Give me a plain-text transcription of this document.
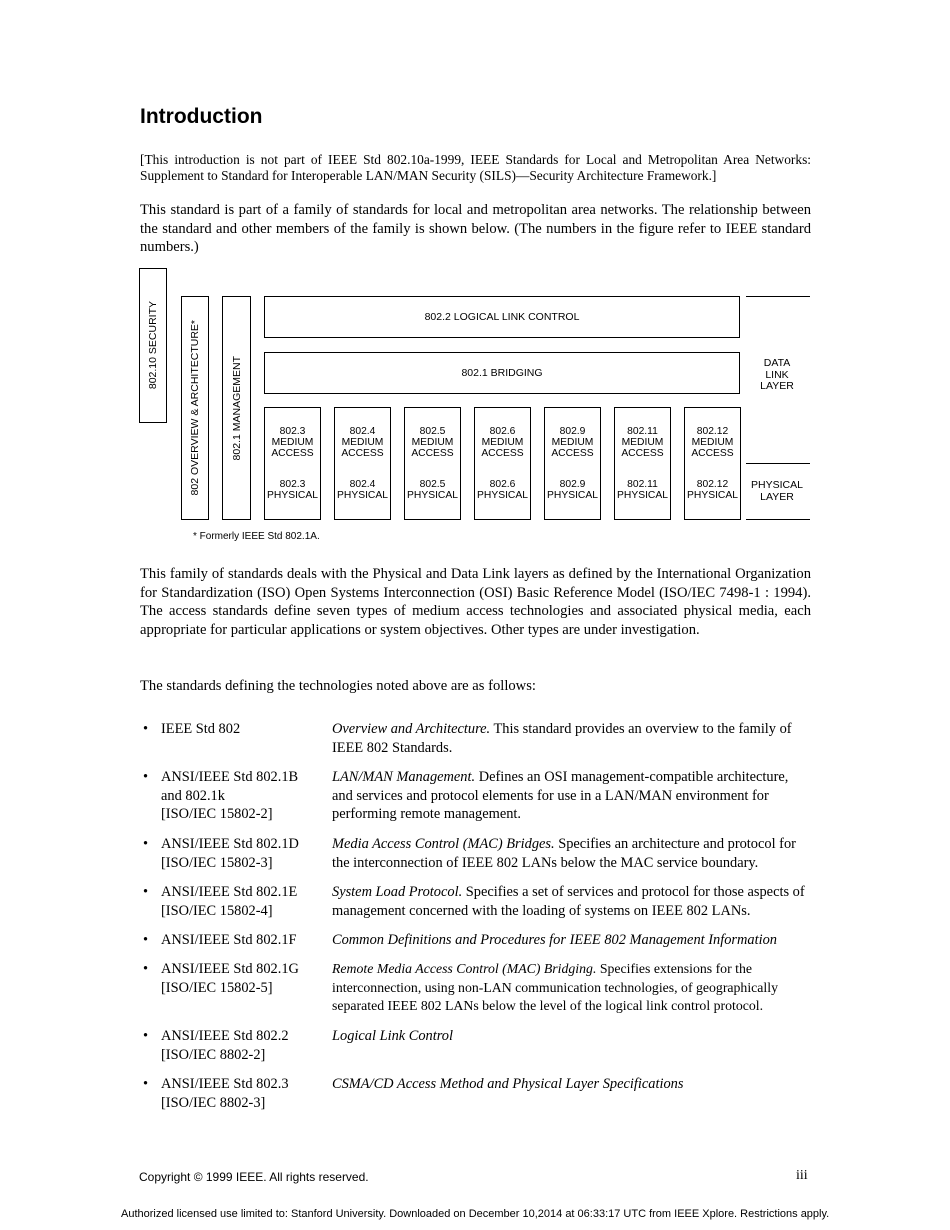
Introduction
[This introduction is not part of IEEE Std 802.10a-1999, IEEE Standards for Local and Metropolitan Area Networks: Supplement to Standard for Interoperable LAN/MAN Security (SILS)—Security Architecture Framework.]
This standard is part of a family of standards for local and metropolitan area networks. The relationship between the standard and other members of the family is shown below. (The numbers in the figure refer to IEEE standard numbers.)
802.10 SECURITY	802 OVERVIEW & ARCHITECTURE*	802.1 MANAGEMENT
802.2 LOGICAL LINK CONTROL
802.1 BRIDGING
802.3
MEDIUM
ACCESS
802.3
PHYSICAL
802.4
MEDIUM
ACCESS
802.4
PHYSICAL
802.5
MEDIUM
ACCESS
802.5
PHYSICAL
802.6
MEDIUM
ACCESS
802.6
PHYSICAL
802.9
MEDIUM
ACCESS
802.9
PHYSICAL
802.11
MEDIUM
ACCESS
802.11
PHYSICAL
802.12
MEDIUM
ACCESS
802.12
PHYSICAL
DATA
LINK
LAYER
PHYSICAL
LAYER
* Formerly IEEE Std 802.1A.
This family of standards deals with the Physical and Data Link layers as defined by the International Organization for Standardization (ISO) Open Systems Interconnection (OSI) Basic Reference Model (ISO/IEC 7498-1 : 1994). The access standards define seven types of medium access technologies and associated physical media, each appropriate for particular applications or system objectives. Other types are under investigation.
The standards defining the technologies noted above are as follows:
• IEEE Std 802	Overview and Architecture. This standard provides an overview to the family of IEEE 802 Standards.
• ANSI/IEEE Std 802.1B
and 802.1k
[ISO/IEC 15802-2]
LAN/MAN Management. Defines an OSI management-compatible architecture, and services and protocol elements for use in a LAN/MAN environment for performing remote management.
• ANSI/IEEE Std 802.1D
[ISO/IEC 15802-3]
Media Access Control (MAC) Bridges. Specifies an architecture and protocol for the interconnection of IEEE 802 LANs below the MAC service boundary.
• ANSI/IEEE Std 802.1E
[ISO/IEC 15802-4]
System Load Protocol. Specifies a set of services and protocol for those aspects of management concerned with the loading of systems on IEEE 802 LANs.
• ANSI/IEEE Std 802.1F	Common Definitions and Procedures for IEEE 802 Management Information
• ANSI/IEEE Std 802.1G
[ISO/IEC 15802-5]
Remote Media Access Control (MAC) Bridging. Specifies extensions for the interconnection, using non-LAN communication technologies, of geographically separated IEEE 802 LANs below the level of the logical link control protocol.
• ANSI/IEEE Std 802.2
[ISO/IEC 8802-2]
Logical Link Control
• ANSI/IEEE Std 802.3
[ISO/IEC 8802-3]
CSMA/CD Access Method and Physical Layer Specifications
Copyright © 1999 IEEE. All rights reserved.	iii
Authorized licensed use limited to: Stanford University. Downloaded on December 10,2014 at 06:33:17 UTC from IEEE Xplore. Restrictions apply.
